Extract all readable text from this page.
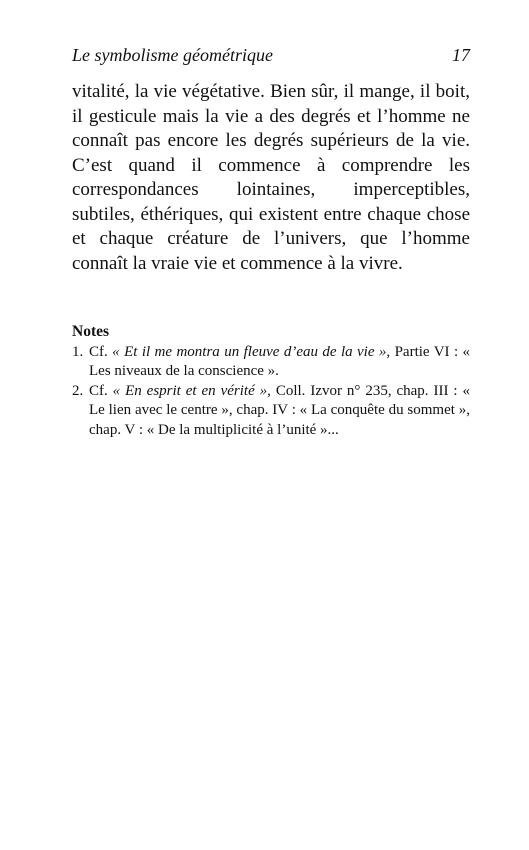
Le symbolisme géométrique	17

vitalité, la vie végétative. Bien sûr, il mange, il boit, il gesticule mais la vie a des degrés et l’homme ne connaît pas encore les degrés supérieurs de la vie. C’est quand il commence à comprendre les correspondances lointaines, imperceptibles, subtiles, éthériques, qui existent entre chaque chose et chaque créature de l’univers, que l’homme connaît la vraie vie et commence à la vivre.

Notes
1. Cf. « Et il me montra un fleuve d’eau de la vie », Partie VI : « Les niveaux de la conscience ».
2. Cf. « En esprit et en vérité », Coll. Izvor n° 235, chap. III : « Le lien avec le centre », chap. IV : « La conquête du sommet », chap. V : « De la multiplicité à l’unité »...
